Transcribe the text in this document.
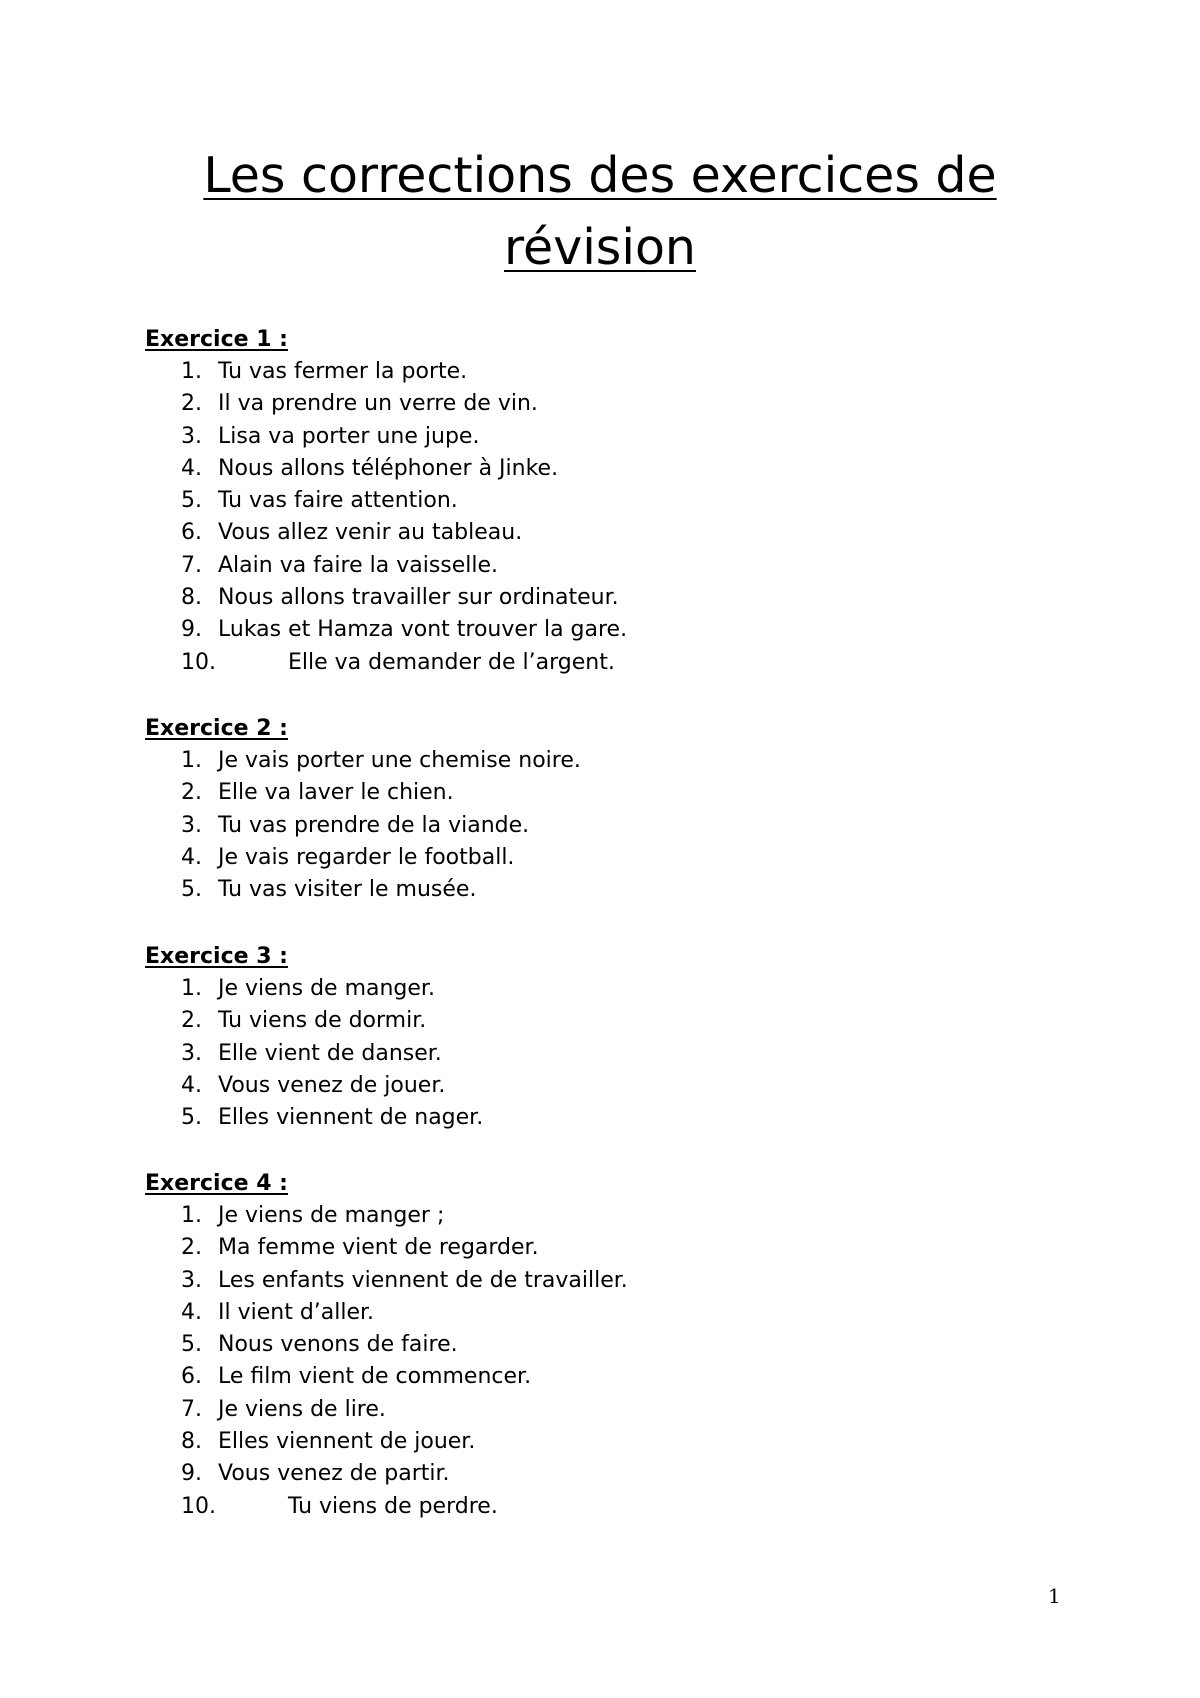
Les corrections des exercices de révision
Exercice 1 :
1. Tu vas fermer la porte.
2. Il va prendre un verre de vin.
3. Lisa va porter une jupe.
4. Nous allons téléphoner à Jinke.
5. Tu vas faire attention.
6. Vous allez venir au tableau.
7. Alain va faire la vaisselle.
8. Nous allons travailler sur ordinateur.
9. Lukas et Hamza vont trouver la gare.
10.	Elle va demander de l’argent.
Exercice 2 :
1. Je vais porter une chemise noire.
2. Elle va laver le chien.
3. Tu vas prendre de la viande.
4. Je vais regarder le football.
5. Tu vas visiter le musée.
Exercice 3 :
1. Je viens de manger.
2. Tu viens de dormir.
3. Elle vient de danser.
4. Vous venez de jouer.
5. Elles viennent de nager.
Exercice 4 :
1. Je viens de manger ;
2. Ma femme vient de regarder.
3. Les enfants viennent de de travailler.
4. Il vient d’aller.
5. Nous venons de faire.
6. Le film vient de commencer.
7. Je viens de lire.
8. Elles viennent de jouer.
9. Vous venez de partir.
10.	Tu viens de perdre.
1
